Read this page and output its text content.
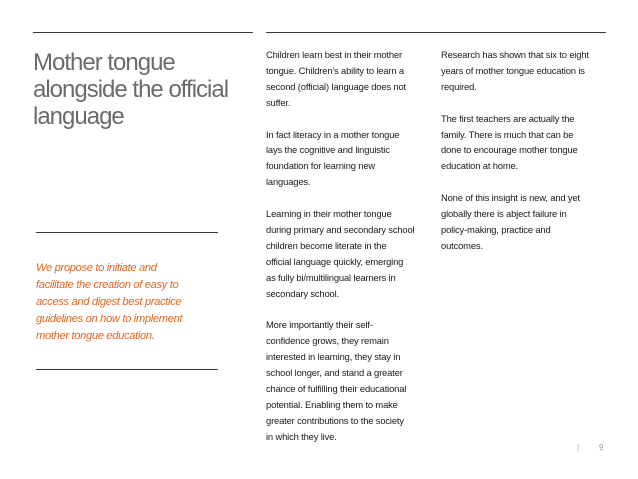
Mother tongue
alongside the official
language
We propose to initiate and
facilitate the creation of easy to
access and digest best practice
guidelines on how to implement
mother tongue education.
Children learn best in their mother
tongue. Children's ability to learn a
second (official) language does not
suffer.
In fact literacy in a mother tongue
lays the cognitive and linguistic
foundation for learning new
languages.
Learning in their mother tongue
during primary and secondary school
children become literate in the
official language quickly, emerging
as fully bi/multilingual learners in
secondary school.
More importantly their self-
confidence grows, they remain
interested in learning, they stay in
school longer, and stand a greater
chance of fulfilling their educational
potential. Enabling them to make
greater contributions to the society
in which they live.
Research has shown that six to eight
years of mother tongue education is
required.
The first teachers are actually the
family. There is much that can be
done to encourage mother tongue
education at home.
None of this insight is new, and yet
globally there is abject failure in
policy-making, practice and
outcomes.
| 9
